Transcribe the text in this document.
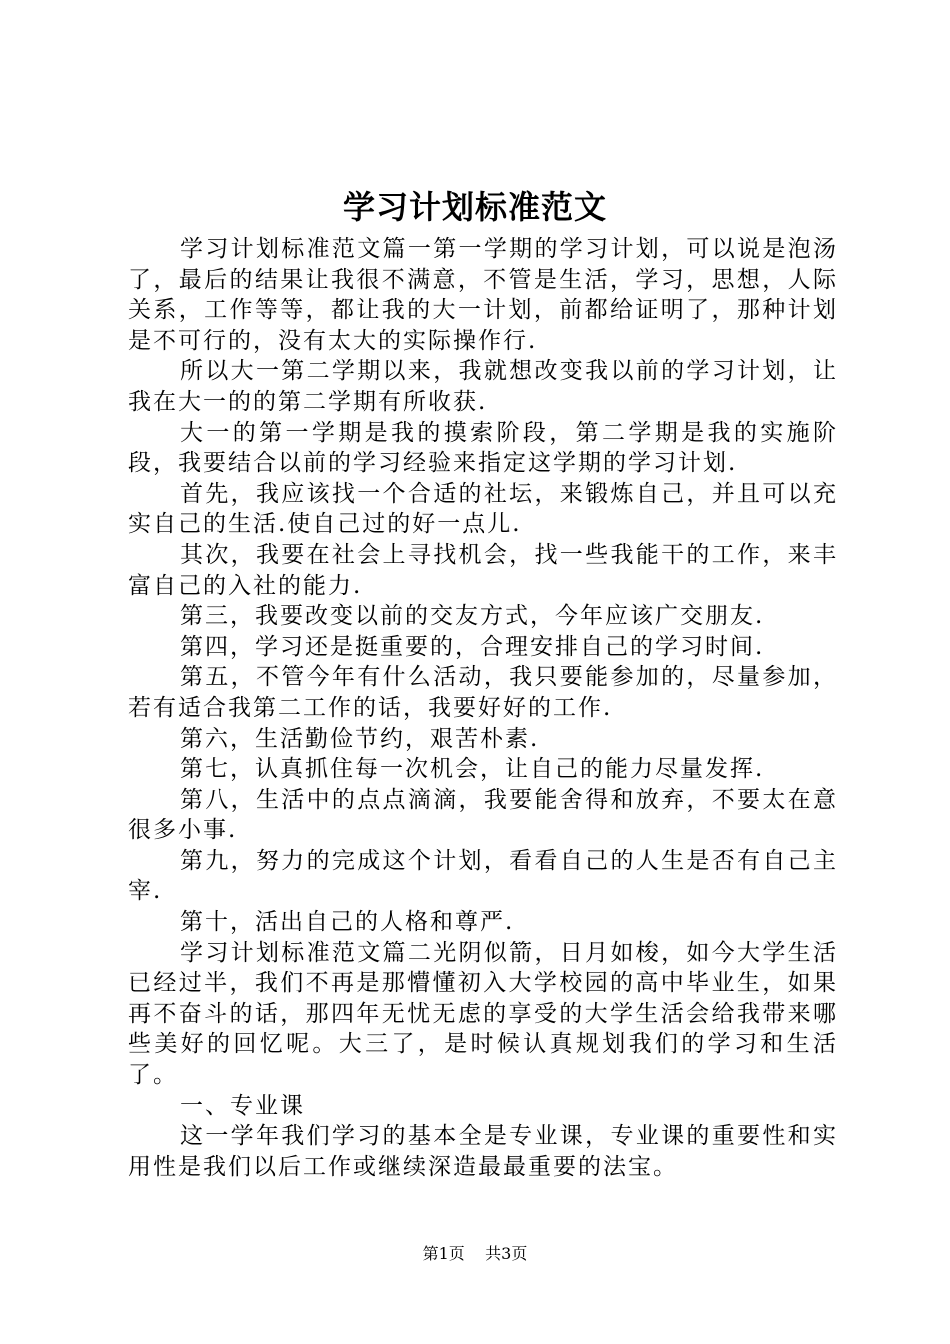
学习计划标准范文

学习计划标准范文篇一第一学期的学习计划，可以说是泡汤了，最后的结果让我很不满意，不管是生活，学习，思想，人际关系，工作等等，都让我的大一计划，前都给证明了，那种计划是不可行的，没有太大的实际操作行.

所以大一第二学期以来，我就想改变我以前的学习计划，让我在大一的的第二学期有所收获.

大一的第一学期是我的摸索阶段，第二学期是我的实施阶段，我要结合以前的学习经验来指定这学期的学习计划.

首先，我应该找一个合适的社坛，来锻炼自己，并且可以充实自己的生活.使自己过的好一点儿.

其次，我要在社会上寻找机会，找一些我能干的工作，来丰富自己的入社的能力.

第三，我要改变以前的交友方式，今年应该广交朋友.

第四，学习还是挺重要的，合理安排自己的学习时间.

第五，不管今年有什么活动，我只要能参加的，尽量参加，若有适合我第二工作的话，我要好好的工作.

第六，生活勤俭节约，艰苦朴素.

第七，认真抓住每一次机会，让自己的能力尽量发挥.

第八，生活中的点点滴滴，我要能舍得和放弃，不要太在意很多小事.

第九，努力的完成这个计划，看看自己的人生是否有自己主宰.

第十，活出自己的人格和尊严.

学习计划标准范文篇二光阴似箭，日月如梭，如今大学生活已经过半，我们不再是那懵懂初入大学校园的高中毕业生，如果再不奋斗的话，那四年无忧无虑的享受的大学生活会给我带来哪些美好的回忆呢。大三了，是时候认真规划我们的学习和生活了。

一、专业课

这一学年我们学习的基本全是专业课，专业课的重要性和实用性是我们以后工作或继续深造最最重要的法宝。

第1页 共3页
